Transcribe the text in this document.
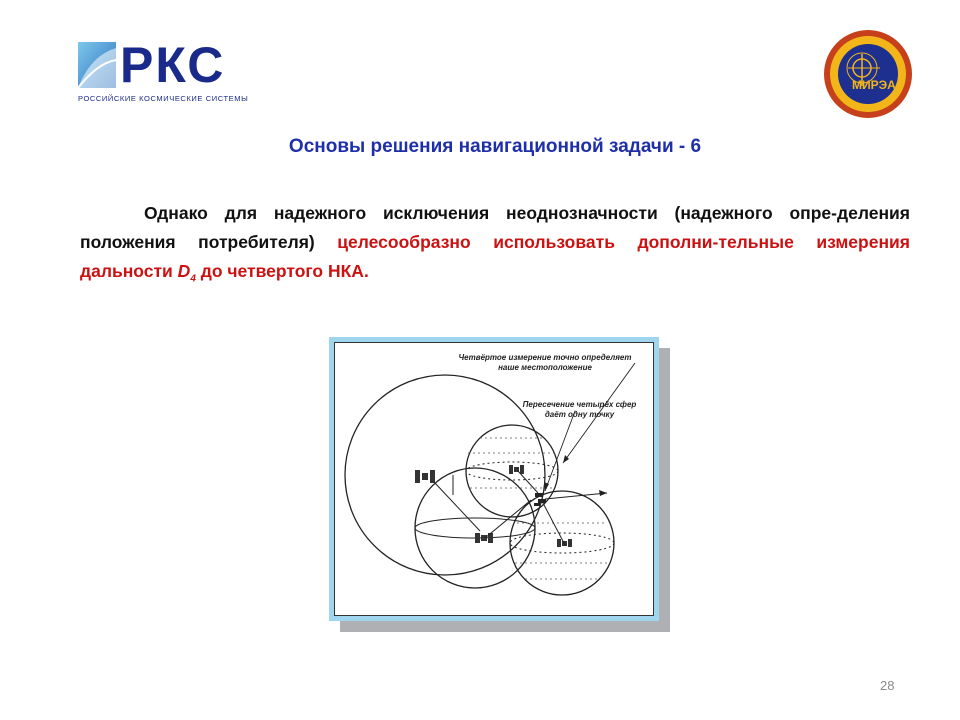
РКС
РОССИЙСКИЕ КОСМИЧЕСКИЕ СИСТЕМЫ
МИРЭА
Основы решения навигационной задачи - 6
Однако для надежного исключения неоднозначности (надежного опре-деления положения потребителя) целесообразно использовать дополни-тельные измерения дальности $D_4$ до четвертого НКА.
Четвёртое измерение точно определяет
наше местоположение
Пересечение четырёх сфер
даёт одну точку
28
